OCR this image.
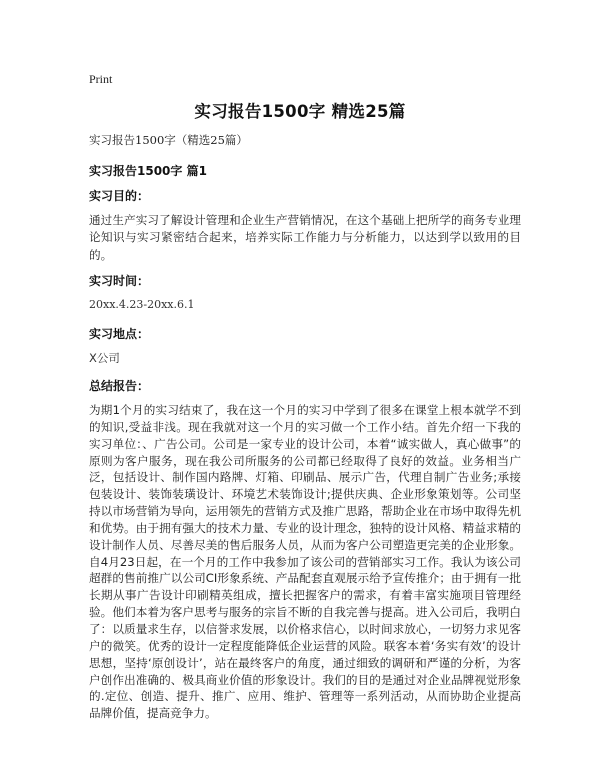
Print
实习报告1500字 精选25篇
实习报告1500字（精选25篇）
实习报告1500字 篇1
实习目的：
通过生产实习了解设计管理和企业生产营销情况，在这个基础上把所学的商务专业理论知识与实习紧密结合起来，培养实际工作能力与分析能力，以达到学以致用的目的。
实习时间：
20xx.4.23-20xx.6.1
实习地点：
X公司
总结报告：
为期1个月的实习结束了，我在这一个月的实习中学到了很多在课堂上根本就学不到的知识,受益非浅。现在我就对这一个月的实习做一个工作小结。首先介绍一下我的实习单位：、广告公司。公司是一家专业的设计公司，本着“诚实做人，真心做事”的原则为客户服务，现在我公司所服务的公司都已经取得了良好的效益。业务相当广泛，包括设计、制作国内路牌、灯箱、印刷品、展示广告，代理自制广告业务;承接包装设计、装饰装璜设计、环境艺术装饰设计;提供庆典、企业形象策划等。公司坚持以市场营销为导向，运用领先的营销方式及推广思路，帮助企业在市场中取得先机和优势。由于拥有强大的技术力量、专业的设计理念，独特的设计风格、精益求精的设计制作人员、尽善尽美的售后服务人员，从而为客户公司塑造更完美的企业形象。自4月23日起，在一个月的工作中我参加了该公司的营销部实习工作。我认为该公司超群的售前推广以公司CI形象系统、产品配套直观展示给予宣传推介；由于拥有一批长期从事广告设计印刷精英组成，擅长把握客户的需求，有着丰富实施项目管理经验。他们本着为客户思考与服务的宗旨不断的自我完善与提高。进入公司后，我明白了：以质量求生存，以信誉求发展，以价格求信心，以时间求放心，一切努力求见客户的微笑。优秀的设计一定程度能降低企业运营的风险。联客本着‘务实有效’的设计思想，坚持‘原创设计’，站在最终客户的角度，通过细致的调研和严谨的分析，为客户创作出准确的、极具商业价值的形象设计。我们的目的是通过对企业品牌视觉形象的.定位、创造、提升、推广、应用、维护、管理等一系列活动，从而协助企业提高品牌价值，提高竞争力。
